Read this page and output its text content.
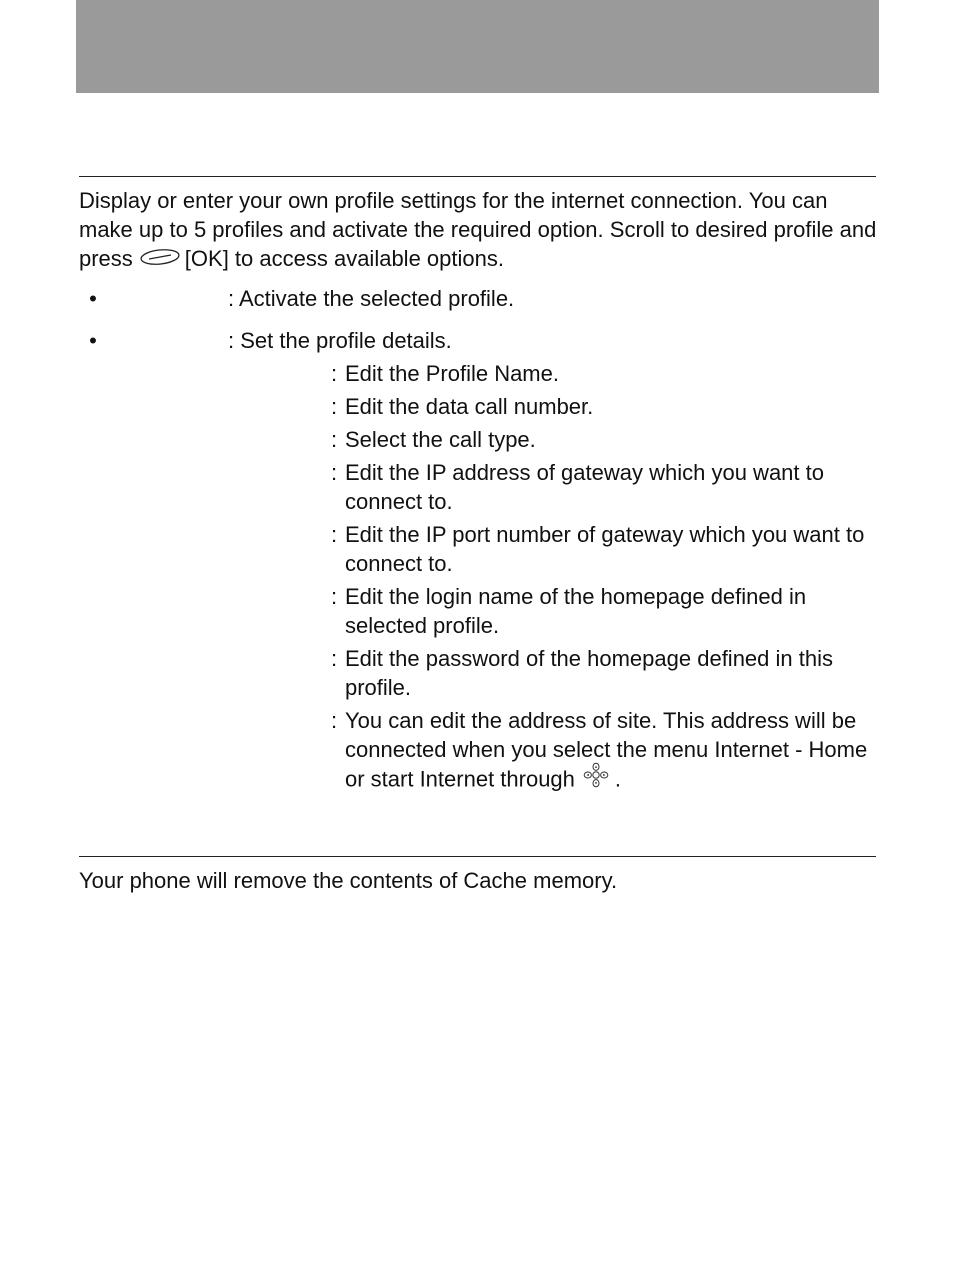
Display or enter your own profile settings for the internet connection. You can make up to 5 profiles and activate the required option. Scroll to desired profile and press [OK] to access available options.

•	: Activate the selected profile.
•	: Set the profile details.
: Edit the Profile Name.
: Edit the data call number.
: Select the call type.
: Edit the IP address of gateway which you want to connect to.
: Edit the IP port number of gateway which you want to connect to.
: Edit the login name of the homepage defined in selected profile.
: Edit the password of the homepage defined in this profile.
: You can edit the address of site. This address will be connected when you select the menu Internet - Home or start Internet through .

Your phone will remove the contents of Cache memory.
